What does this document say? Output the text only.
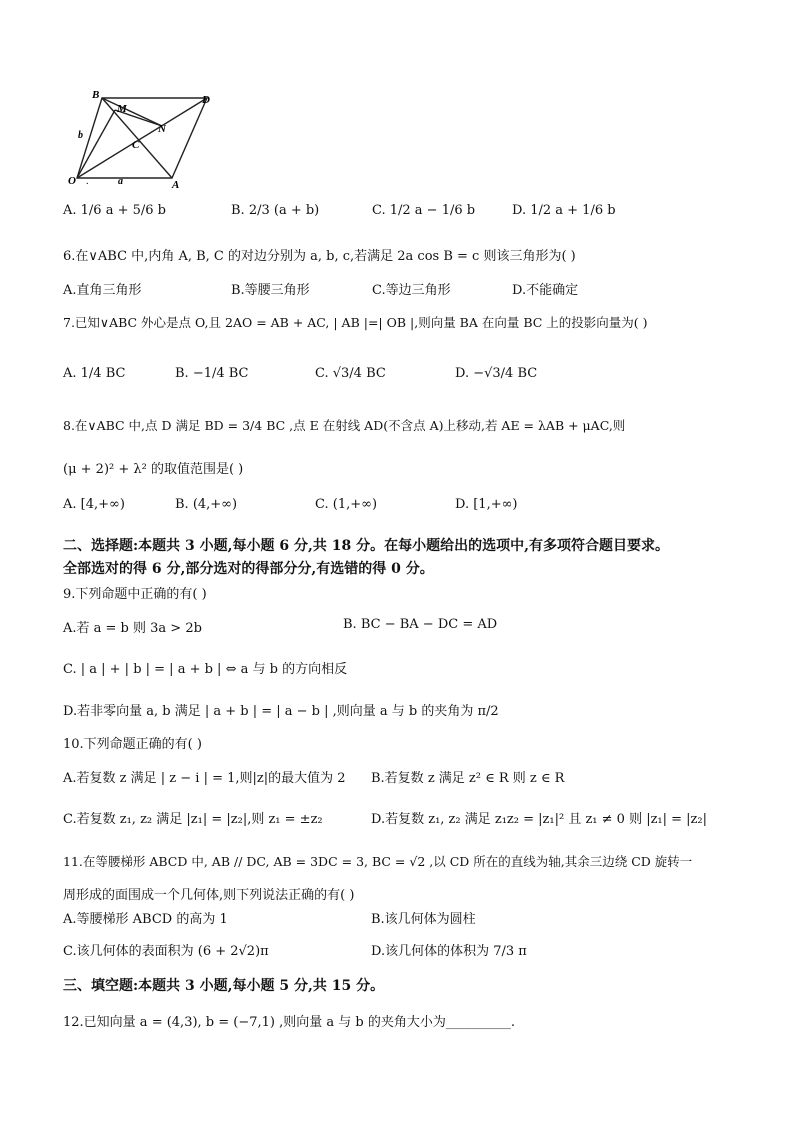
B	D
M
N
C
O	A
a
b
.
A. 1/6 a + 5/6 b	B. 2/3 (a + b)	C. 1/2 a − 1/6 b	D. 1/2 a + 1/6 b
6.在∨ABC 中,内角 A, B, C 的对边分别为 a, b, c,若满足 2a cos B = c 则该三角形为( )
A.直角三角形	B.等腰三角形	C.等边三角形	D.不能确定
7.已知∨ABC 外心是点 O,且 2AO = AB + AC, | AB |=| OB |,则向量 BA 在向量 BC 上的投影向量为( )
A. 1/4 BC	B. −1/4 BC	C. √3/4 BC	D. −√3/4 BC
8.在∨ABC 中,点 D 满足 BD = 3/4 BC ,点 E 在射线 AD(不含点 A)上移动,若 AE = λAB + μAC,则
(μ + 2)² + λ² 的取值范围是( )
A. [4,+∞)	B. (4,+∞)	C. (1,+∞)	D. [1,+∞)
二、选择题:本题共 3 小题,每小题 6 分,共 18 分。在每小题给出的选项中,有多项符合题目要求。
全部选对的得 6 分,部分选对的得部分分,有选错的得 0 分。
9.下列命题中正确的有( )
A.若 a = b 则 3a > 2b	B. BC − BA − DC = AD
C. | a | + | b | = | a + b | ⇔ a 与 b 的方向相反
D.若非零向量 a, b 满足 | a + b | = | a − b | ,则向量 a 与 b 的夹角为 π/2
10.下列命题正确的有( )
A.若复数 z 满足 | z − i | = 1,则|z|的最大值为 2 B.若复数 z 满足 z² ∈ R 则 z ∈ R
C.若复数 z₁, z₂ 满足 |z₁| = |z₂|,则 z₁ = ±z₂	D.若复数 z₁, z₂ 满足 z₁z₂ = |z₁|² 且 z₁ ≠ 0 则 |z₁| = |z₂|
11.在等腰梯形 ABCD 中, AB // DC, AB = 3DC = 3, BC = √2 ,以 CD 所在的直线为轴,其余三边绕 CD 旋转一
周形成的面围成一个几何体,则下列说法正确的有( )
A.等腰梯形 ABCD 的高为 1	B.该几何体为圆柱
C.该几何体的表面积为 (6 + 2√2)π	D.该几何体的体积为 7/3 π
三、填空题:本题共 3 小题,每小题 5 分,共 15 分。
12.已知向量 a = (4,3), b = (−7,1) ,则向量 a 与 b 的夹角大小为__________.
